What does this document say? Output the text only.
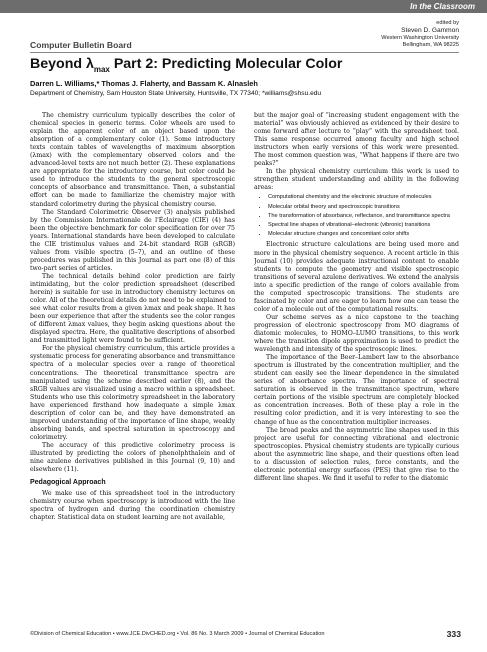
In the Classroom
Computer Bulletin Board
edited by
Steven D. Gammon
Western Washington University
Bellingham, WA 98225
Beyond $\lambda_{max}$ Part 2: Predicting Molecular Color
Darren L. Williams,* Thomas J. Flaherty, and Bassam K. Alnasleh
Department of Chemistry, Sam Houston State University, Huntsville, TX 77340; *williams@shsu.edu

The chemistry curriculum typically describes the color of chemical species in generic terms. Color wheels are used to explain the apparent color of an object based upon the absorption of a complementary color (1). Some introductory texts contain tables of wavelengths of maximum absorption (λmax) with the complementary observed colors and the advanced-level texts are not much better (2). These explanations are appropriate for the introductory course, but color could be used to introduce the students to the general spectroscopic concepts of absorbance and transmittance. Then, a substantial effort can be made to familiarize the chemistry major with standard colorimetry during the physical chemistry course.

The Standard Colorimetric Observer (3) analysis published by the Commission Internationale de l'Éclairage (CIE) (4) has been the objective benchmark for color specification for over 75 years. International standards have been developed to calculate the CIE tristimulus values and 24-bit standard RGB (sRGB) values from visible spectra (5–7), and an outline of these procedures was published in this Journal as part one (8) of this two-part series of articles.

The technical details behind color prediction are fairly intimidating, but the color prediction spreadsheet (described herein) is suitable for use in introductory chemistry lectures on color. All of the theoretical details do not need to be explained to see what color results from a given λmax and peak shape. It has been our experience that after the students see the color ranges of different λmax values, they begin asking questions about the displayed spectra. Here, the qualitative descriptions of absorbed and transmitted light were found to be sufficient.

For the physical chemistry curriculum, this article provides a systematic process for generating absorbance and transmittance spectra of a molecular species over a range of theoretical concentrations. The theoretical transmittance spectra are manipulated using the scheme described earlier (8), and the sRGB values are visualized using a macro within a spreadsheet. Students who use this colorimetry spreadsheet in the laboratory have experienced firsthand how inadequate a simple λmax description of color can be, and they have demonstrated an improved understanding of the importance of line shape, weakly absorbing bands, and spectral saturation in spectroscopy and colorimetry.

The accuracy of this predictive colorimetry process is illustrated by predicting the colors of phenolphthalein and of nine azulene derivatives published in this Journal (9, 10) and elsewhere (11).

Pedagogical Approach

We make use of this spreadsheet tool in the introductory chemistry course when spectroscopy is introduced with the line spectra of hydrogen and during the coordination chemistry chapter. Statistical data on student learning are not available,

but the major goal of “increasing student engagement with the material” was obviously achieved as evidenced by their desire to come forward after lecture to “play” with the spreadsheet tool. This same response occurred among faculty and high school instructors when early versions of this work were presented. The most common question was, “What happens if there are two peaks?”

In the physical chemistry curriculum this work is used to strengthen student understanding and ability in the following areas:

• Computational chemistry and the electronic structure of molecules
• Molecular orbital theory and spectroscopic transitions
• The transformation of absorbance, reflectance, and transmittance spectra
• Spectral line shapes of vibrational–electronic (vibronic) transitions
• Molecular structure changes and concomitant color shifts

Electronic structure calculations are being used more and more in the physical chemistry sequence. A recent article in this Journal (10) provides adequate instructional content to enable students to compute the geometry and visible spectroscopic transitions of several azulene derivatives. We extend the analysis into a specific prediction of the range of colors available from the computed spectroscopic transitions. The students are fascinated by color and are eager to learn how one can tease the color of a molecule out of the computational results.

Our scheme serves as a nice capstone to the teaching progression of electronic spectroscopy from MO diagrams of diatomic molecules, to HOMO–LUMO transitions, to this work where the transition dipole approximation is used to predict the wavelength and intensity of the spectroscopic lines.

The importance of the Beer–Lambert law to the absorbance spectrum is illustrated by the concentration multiplier, and the student can easily see the linear dependence in the simulated series of absorbance spectra. The importance of spectral saturation is observed in the transmittance spectrum, where certain portions of the visible spectrum are completely blocked as concentration increases. Both of these play a role in the resulting color prediction, and it is very interesting to see the change of hue as the concentration multiplier increases.

The broad peaks and the asymmetric line shapes used in this project are useful for connecting vibrational and electronic spectroscopies. Physical chemistry students are typically curious about the asymmetric line shape, and their questions often lead to a discussion of selection rules, force constants, and the electronic potential energy surfaces (PES) that give rise to the different line shapes. We find it useful to refer to the diatomic

©Division of Chemical Education • www.JCE.DivCHED.org • Vol. 86 No. 3 March 2009 • Journal of Chemical Education	333
